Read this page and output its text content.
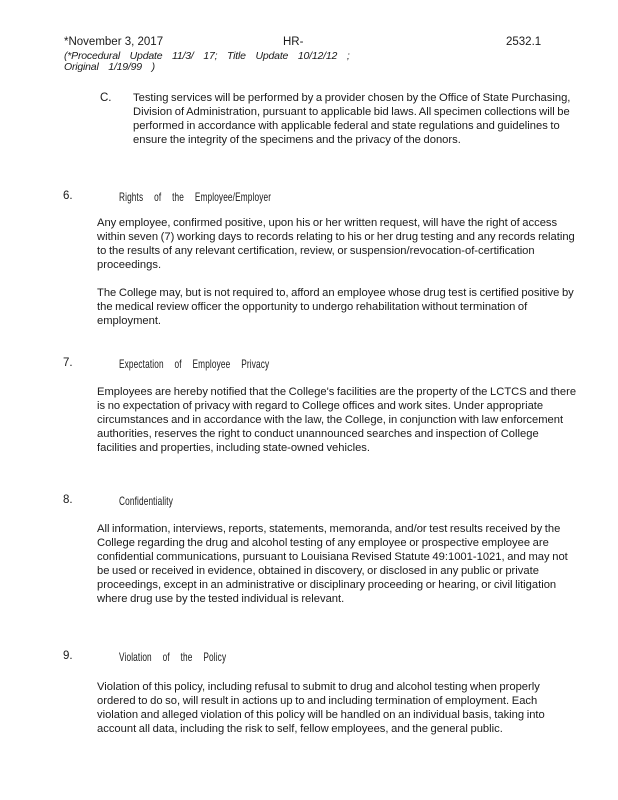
*November 3, 2017	HR-	2532.1
(*Procedural Update 11/3/ 17; Title Update 10/12/12 ;
Original 1/19/99 )
C. Testing services will be performed by a provider chosen by the Office of State Purchasing, Division of Administration, pursuant to applicable bid laws. All specimen collections will be performed in accordance with applicable federal and state regulations and guidelines to ensure the integrity of the specimens and the privacy of the donors.
6.	Rights of the Employee/Employer
Any employee, confirmed positive, upon his or her written request, will have the right of access within seven (7) working days to records relating to his or her drug testing and any records relating to the results of any relevant certification, review, or suspension/revocation-of-certification proceedings.
The College may, but is not required to, afford an employee whose drug test is certified positive by the medical review officer the opportunity to undergo rehabilitation without termination of employment.
7.	Expectation of Employee Privacy
Employees are hereby notified that the College's facilities are the property of the LCTCS and there is no expectation of privacy with regard to College offices and work sites. Under appropriate circumstances and in accordance with the law, the College, in conjunction with law enforcement authorities, reserves the right to conduct unannounced searches and inspection of College facilities and properties, including state-owned vehicles.
8.	Confidentiality
All information, interviews, reports, statements, memoranda, and/or test results received by the College regarding the drug and alcohol testing of any employee or prospective employee are confidential communications, pursuant to Louisiana Revised Statute 49:1001-1021, and may not be used or received in evidence, obtained in discovery, or disclosed in any public or private proceedings, except in an administrative or disciplinary proceeding or hearing, or civil litigation where drug use by the tested individual is relevant.
9.	Violation of the Policy
Violation of this policy, including refusal to submit to drug and alcohol testing when properly ordered to do so, will result in actions up to and including termination of employment. Each violation and alleged violation of this policy will be handled on an individual basis, taking into account all data, including the risk to self, fellow employees, and the general public.
